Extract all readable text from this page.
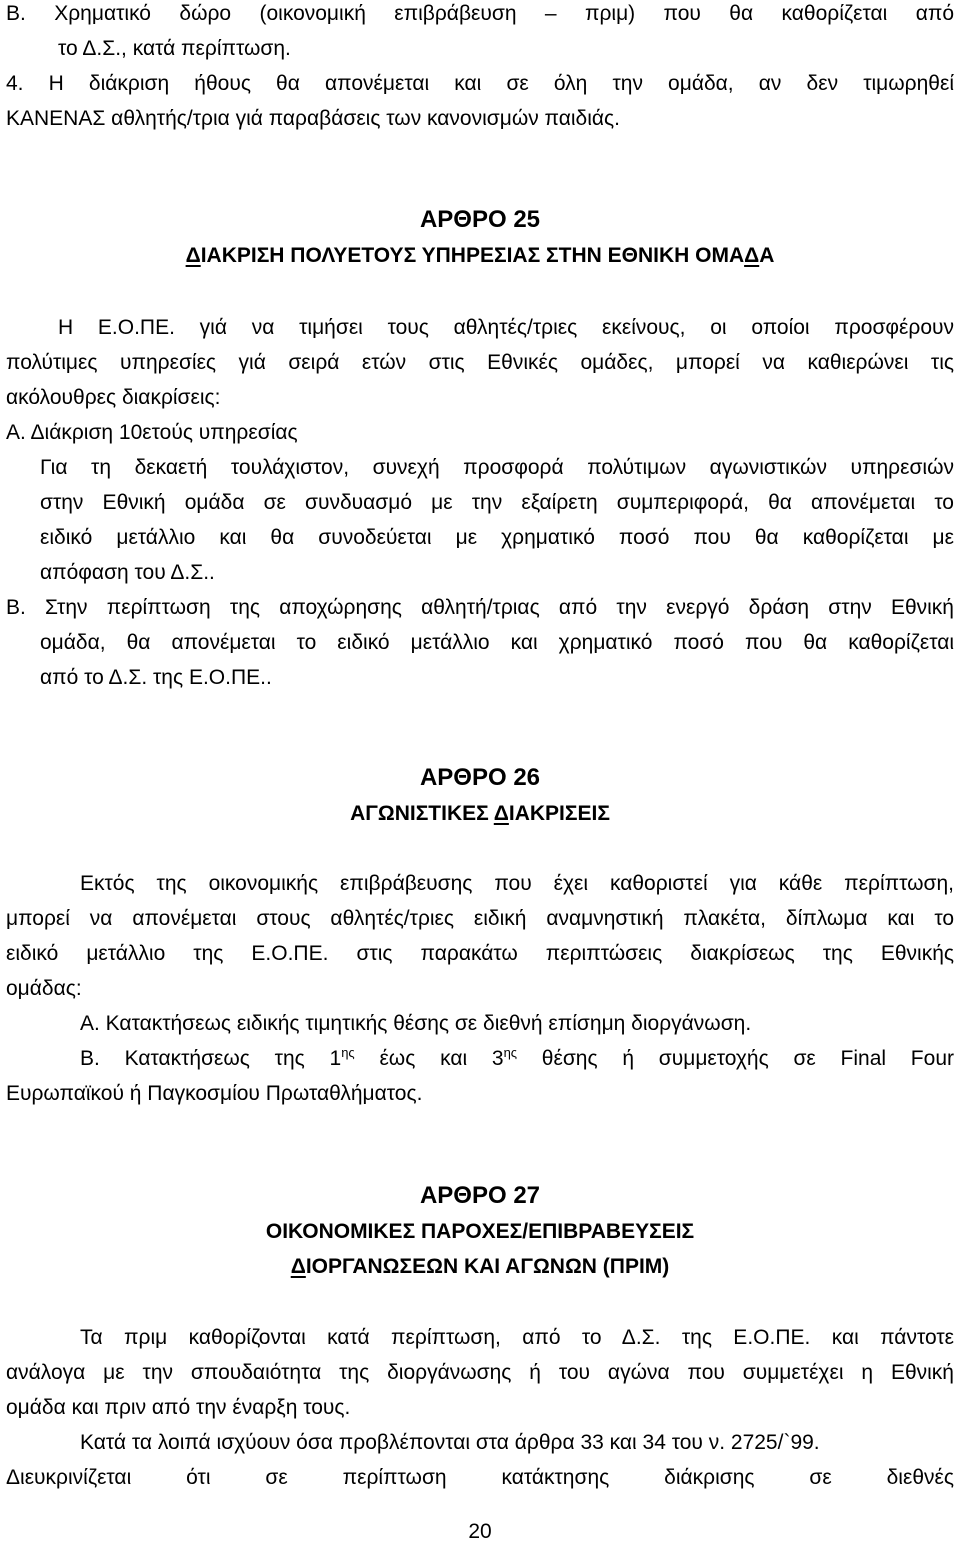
Β. Χρηματικό δώρο (οικονομική επιβράβευση – πριμ) που θα καθορίζεται από
το Δ.Σ., κατά περίπτωση.
4. Η διάκριση ήθους θα απονέμεται και σε όλη την ομάδα, αν δεν τιμωρηθεί
ΚΑΝΕΝΑΣ αθλητής/τρια γιά παραβάσεις των κανονισμών παιδιάς.
ΑΡΘΡΟ 25
ΔΙΑΚΡΙΣΗ ΠΟΛΥΕΤΟΥΣ ΥΠΗΡΕΣΙΑΣ ΣΤΗΝ ΕΘΝΙΚΗ ΟΜΑΔΑ
Η Ε.Ο.ΠΕ. γιά να τιμήσει τους αθλητές/τριες εκείνους, οι οποίοι προσφέρουν
πολύτιμες υπηρεσίες γιά σειρά ετών στις Εθνικές ομάδες, μπορεί να καθιερώνει τις
ακόλουθρες διακρίσεις:
Α. Διάκριση 10ετούς υπηρεσίας
Για τη δεκαετή τουλάχιστον, συνεχή προσφορά πολύτιμων αγωνιστικών υπηρεσιών
στην Εθνική ομάδα σε συνδυασμό με την εξαίρετη συμπεριφορά, θα απονέμεται το
ειδικό μετάλλιο και θα συνοδεύεται με χρηματικό ποσό που θα καθορίζεται με
απόφαση του Δ.Σ..
Β. Στην περίπτωση της αποχώρησης αθλητή/τριας από την ενεργό δράση στην Εθνική
ομάδα, θα απονέμεται το ειδικό μετάλλιο και χρηματικό ποσό που θα καθορίζεται
από το Δ.Σ. της Ε.Ο.ΠΕ..
ΑΡΘΡΟ 26
ΑΓΩΝΙΣΤΙΚΕΣ ΔΙΑΚΡΙΣΕΙΣ
Εκτός της οικονομικής επιβράβευσης που έχει καθοριστεί για κάθε περίπτωση,
μπορεί να απονέμεται στους αθλητές/τριες ειδική αναμνηστική πλακέτα, δίπλωμα και το
ειδικό μετάλλιο της Ε.Ο.ΠΕ. στις παρακάτω περιπτώσεις διακρίσεως της Εθνικής
ομάδας:
Α. Κατακτήσεως ειδικής τιμητικής θέσης σε διεθνή επίσημη διοργάνωση.
Β. Κατακτήσεως της $1^{\eta\varsigma}$ έως και $3^{\eta\varsigma}$ θέσης ή συμμετοχής σε Final Four
Ευρωπαϊκού ή Παγκοσμίου Πρωταθλήματος.
ΑΡΘΡΟ 27
ΟΙΚΟΝΟΜΙΚΕΣ ΠΑΡΟΧΕΣ/ΕΠΙΒΡΑΒΕΥΣΕΙΣ
ΔΙΟΡΓΑΝΩΣΕΩΝ ΚΑΙ ΑΓΩΝΩΝ (ΠΡΙΜ)
Τα πριμ καθορίζονται κατά περίπτωση, από το Δ.Σ. της Ε.Ο.ΠΕ. και πάντοτε
ανάλογα με την σπουδαιότητα της διοργάνωσης ή του αγώνα που συμμετέχει η Εθνική
ομάδα και πριν από την έναρξη τους.
Κατά τα λοιπά ισχύουν όσα προβλέπονται στα άρθρα 33 και 34 του ν. 2725/`99.
Διευκρινίζεται ότι σε περίπτωση κατάκτησης διάκρισης σε διεθνές
20
